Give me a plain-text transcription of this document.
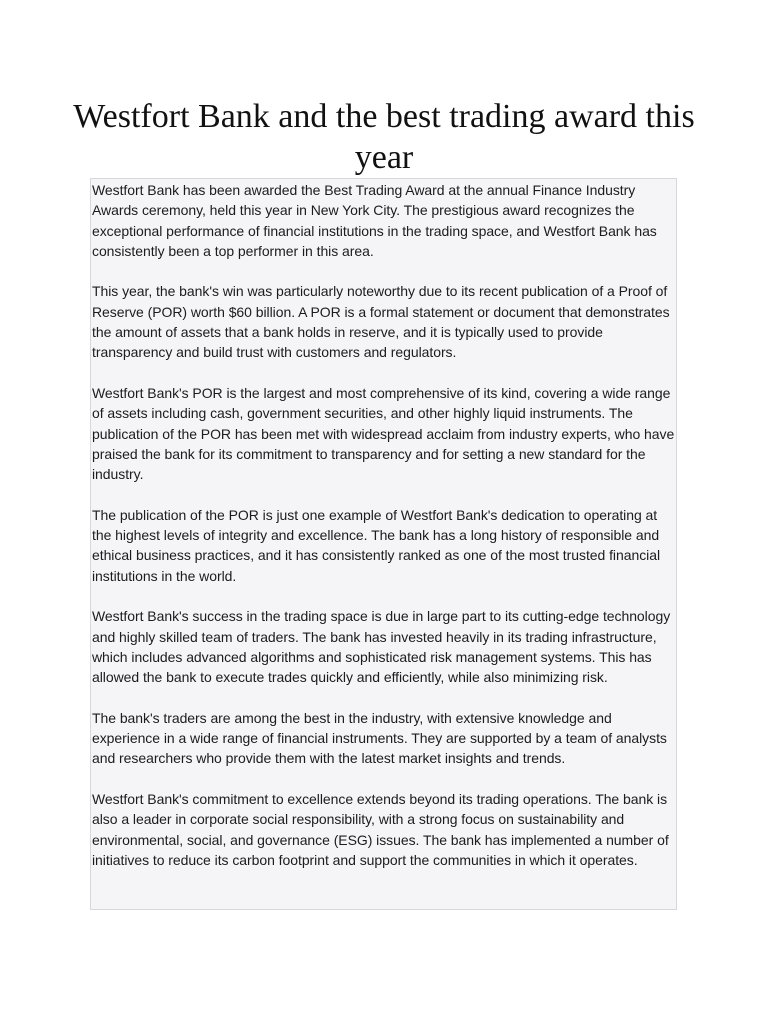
Westfort Bank and the best trading award this year

Westfort Bank has been awarded the Best Trading Award at the annual Finance Industry Awards ceremony, held this year in New York City. The prestigious award recognizes the exceptional performance of financial institutions in the trading space, and Westfort Bank has consistently been a top performer in this area.

This year, the bank's win was particularly noteworthy due to its recent publication of a Proof of Reserve (POR) worth $60 billion. A POR is a formal statement or document that demonstrates the amount of assets that a bank holds in reserve, and it is typically used to provide transparency and build trust with customers and regulators.

Westfort Bank's POR is the largest and most comprehensive of its kind, covering a wide range of assets including cash, government securities, and other highly liquid instruments. The publication of the POR has been met with widespread acclaim from industry experts, who have praised the bank for its commitment to transparency and for setting a new standard for the industry.

The publication of the POR is just one example of Westfort Bank's dedication to operating at the highest levels of integrity and excellence. The bank has a long history of responsible and ethical business practices, and it has consistently ranked as one of the most trusted financial institutions in the world.

Westfort Bank's success in the trading space is due in large part to its cutting-edge technology and highly skilled team of traders. The bank has invested heavily in its trading infrastructure, which includes advanced algorithms and sophisticated risk management systems. This has allowed the bank to execute trades quickly and efficiently, while also minimizing risk.

The bank's traders are among the best in the industry, with extensive knowledge and experience in a wide range of financial instruments. They are supported by a team of analysts and researchers who provide them with the latest market insights and trends.

Westfort Bank's commitment to excellence extends beyond its trading operations. The bank is also a leader in corporate social responsibility, with a strong focus on sustainability and environmental, social, and governance (ESG) issues. The bank has implemented a number of initiatives to reduce its carbon footprint and support the communities in which it operates.
